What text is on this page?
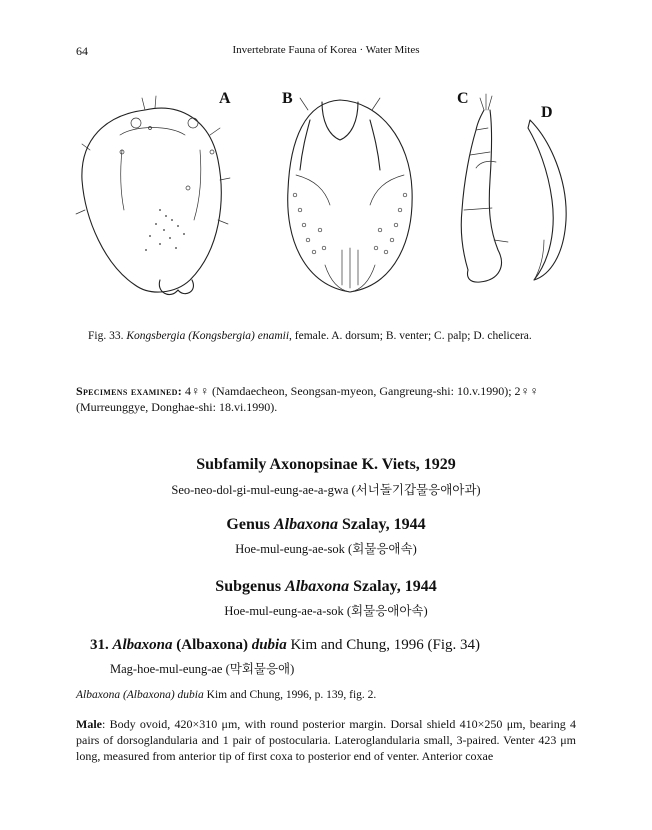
64	Invertebrate Fauna of Korea · Water Mites
A	B	C
D
Fig. 33. Kongsbergia (Kongsbergia) enamii, female. A. dorsum; B. venter; C. palp; D. chelicera.
Specimens examined: 4♀♀ (Namdaecheon, Seongsan-myeon, Gangreung-shi: 10.v.1990); 2♀♀ (Murreunggye, Donghae-shi: 18.vi.1990).
Subfamily Axonopsinae K. Viets, 1929
Seo-neo-dol-gi-mul-eung-ae-a-gwa (서너돌기갑물응애아과)
Genus Albaxona Szalay, 1944
Hoe-mul-eung-ae-sok (회물응애속)
Subgenus Albaxona Szalay, 1944
Hoe-mul-eung-ae-a-sok (회물응애아속)
31. Albaxona (Albaxona) dubia Kim and Chung, 1996 (Fig. 34)
Mag-hoe-mul-eung-ae (막회물응애)
Albaxona (Albaxona) dubia Kim and Chung, 1996, p. 139, fig. 2.
Male: Body ovoid, 420×310 μm, with round posterior margin. Dorsal shield 410×250 μm, bearing 4 pairs of dorsoglandularia and 1 pair of postocularia. Lateroglandularia small, 3-paired. Venter 423 μm long, measured from anterior tip of first coxa to posterior end of venter. Anterior coxae
